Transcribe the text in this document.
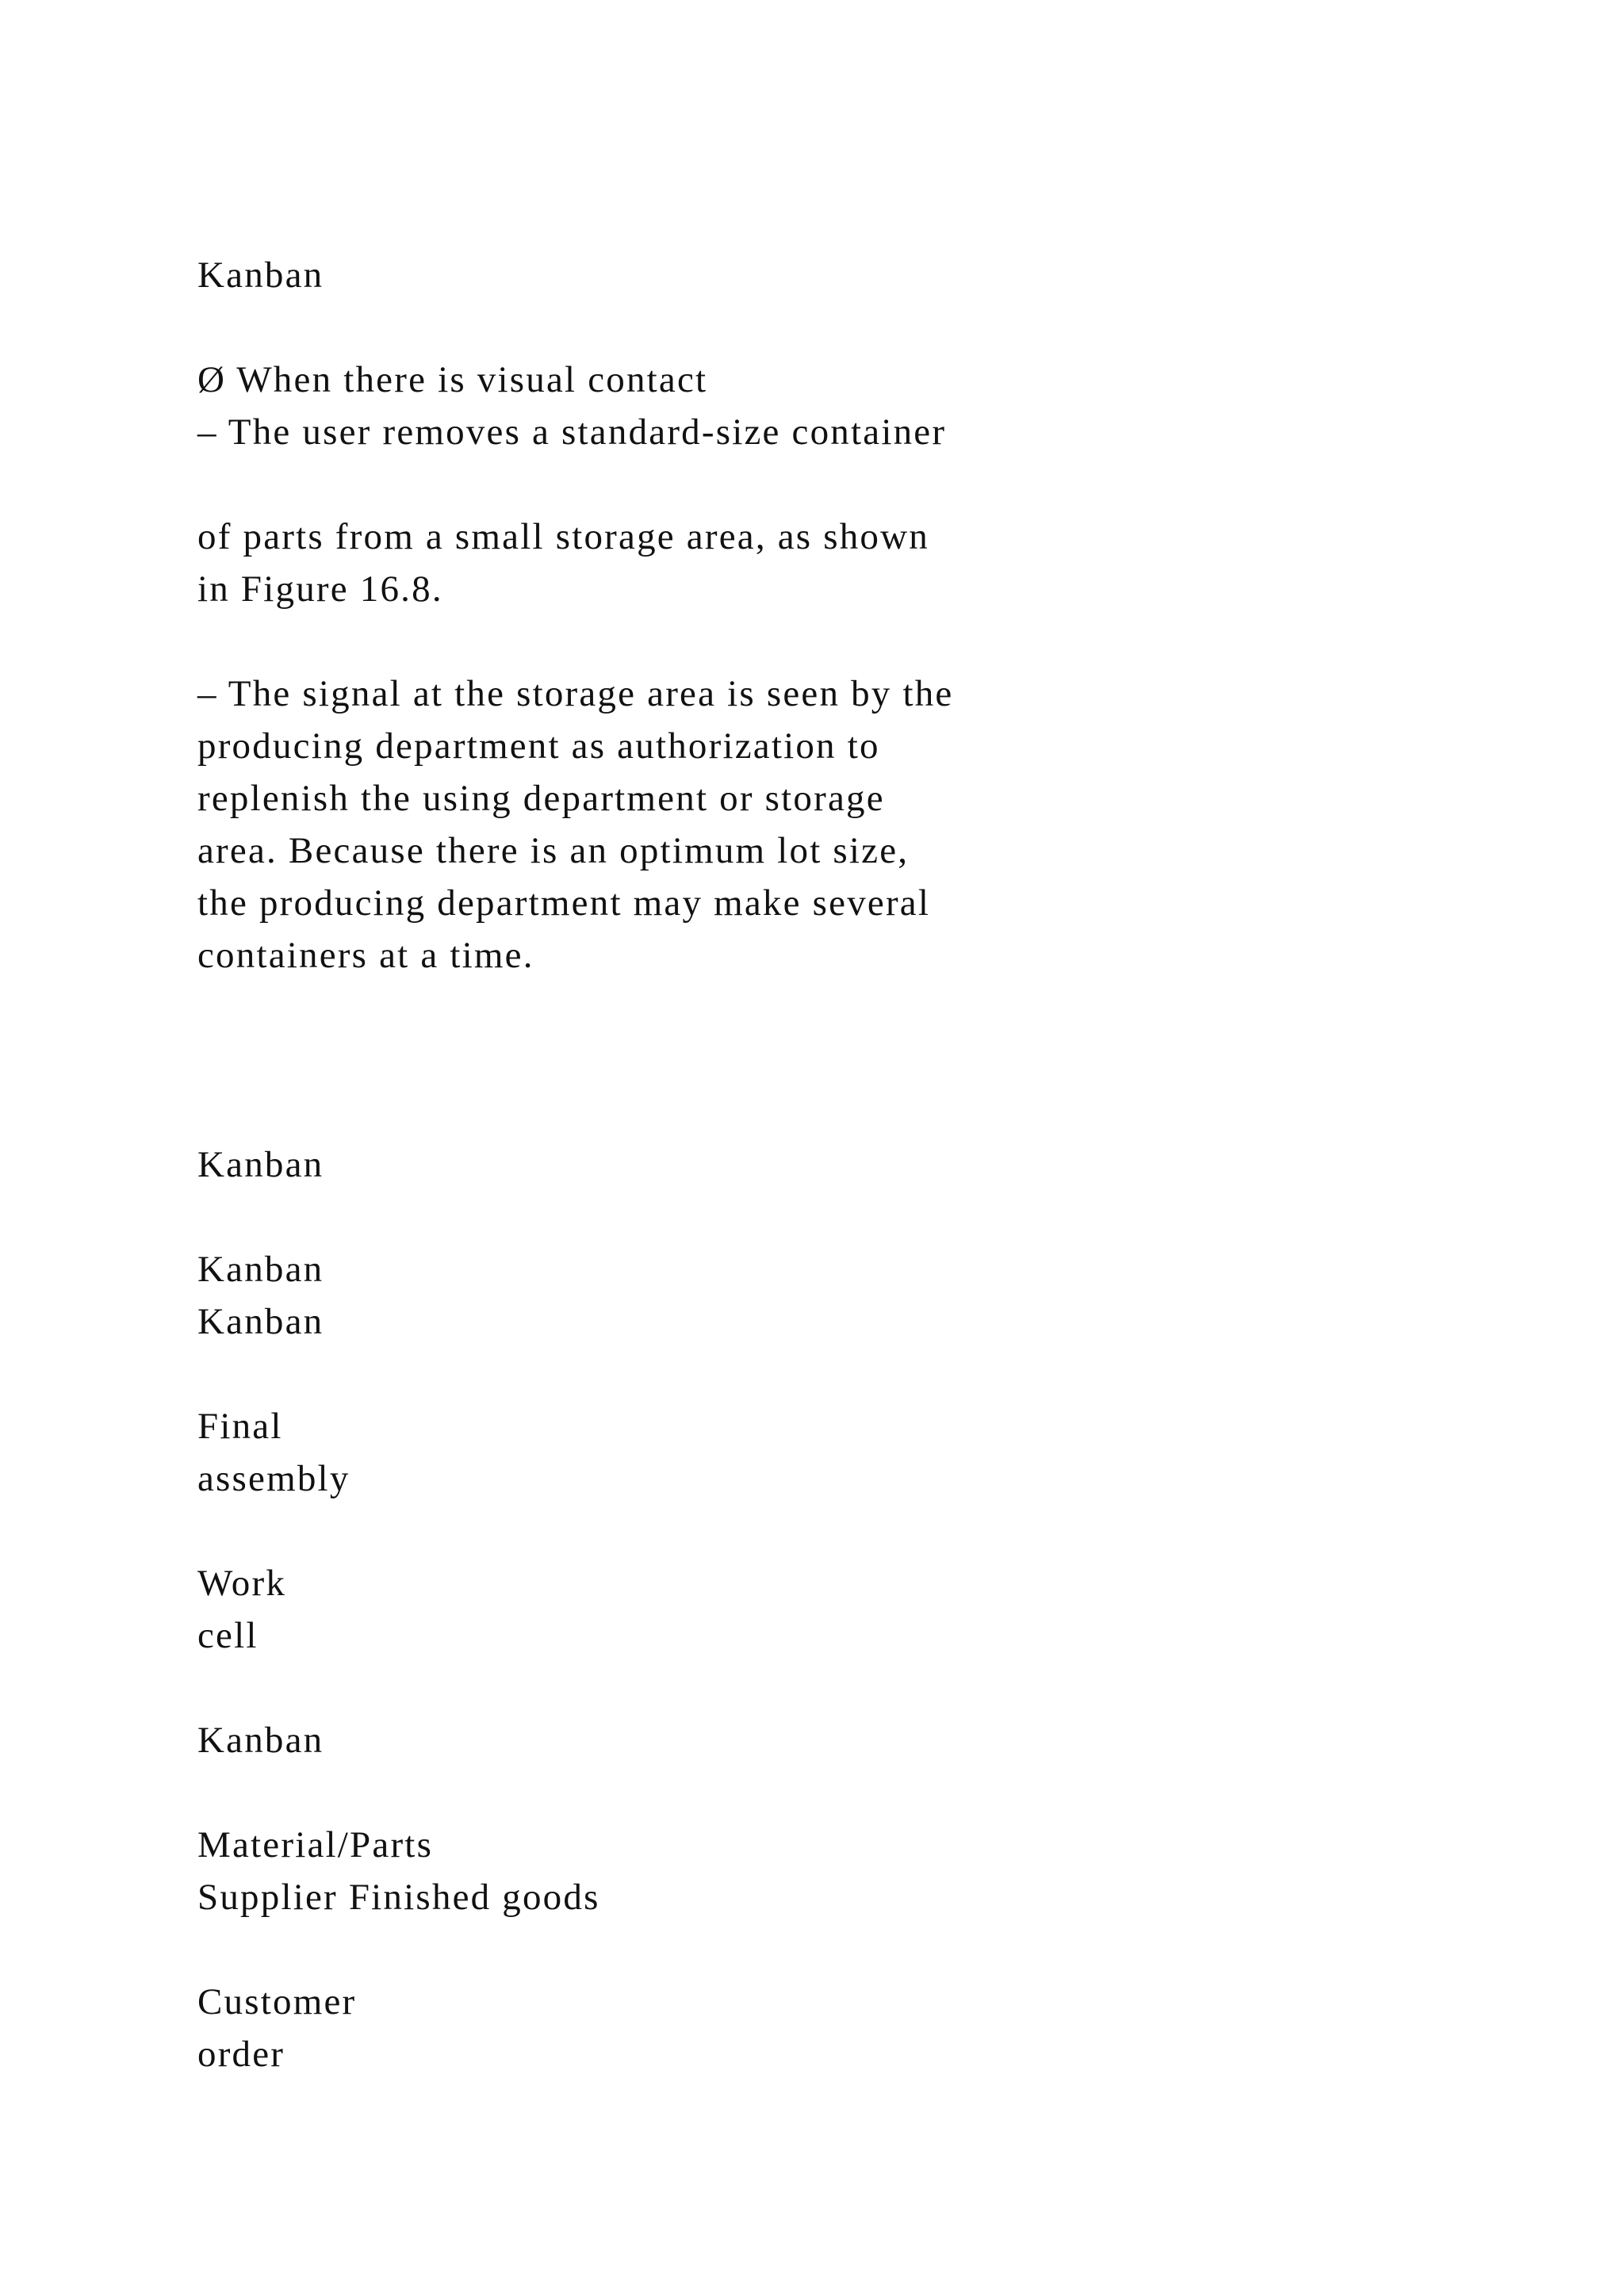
Kanban

Ø When there is visual contact

– The user removes a standard-size container

of parts from a small storage area, as shown

in Figure 16.8.

– The signal at the storage area is seen by the

producing department as authorization to

replenish the using department or storage

area. Because there is an optimum lot size,

the producing department may make several

containers at a time.

Kanban

Kanban

Kanban

Final

assembly

Work

cell

Kanban

Material/Parts

Supplier Finished goods

Customer

order
